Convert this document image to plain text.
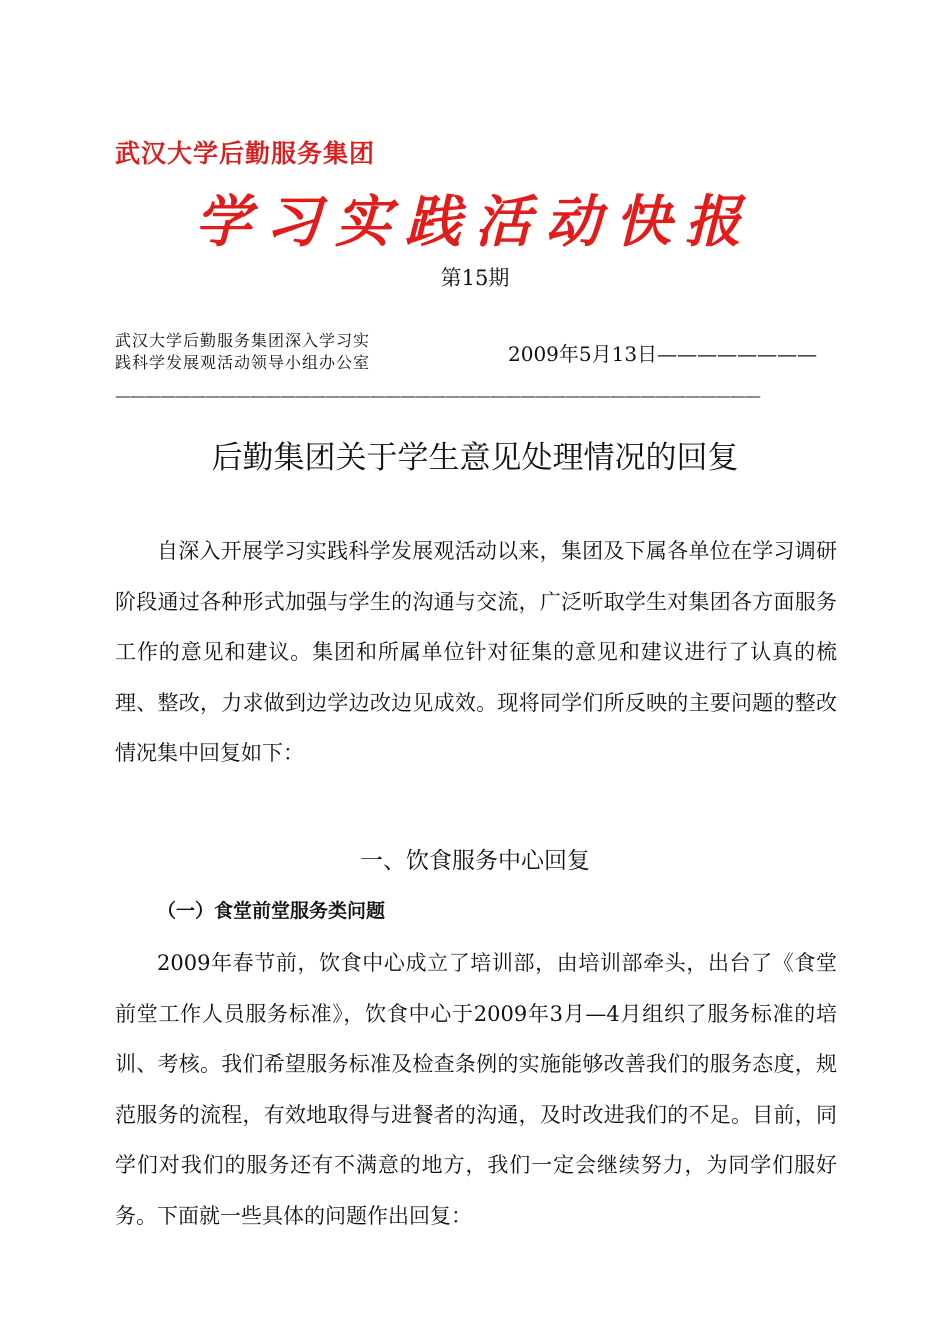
武汉大学后勤服务集团
学习实践活动快报
第15期
武汉大学后勤服务集团深入学习实践科学发展观活动领导小组办公室	2009年5月13日————————
———————————————————————————————————————————
后勤集团关于学生意见处理情况的回复

自深入开展学习实践科学发展观活动以来，集团及下属各单位在学习调研阶段通过各种形式加强与学生的沟通与交流，广泛听取学生对集团各方面服务工作的意见和建议。集团和所属单位针对征集的意见和建议进行了认真的梳理、整改，力求做到边学边改边见成效。现将同学们所反映的主要问题的整改情况集中回复如下：

一、饮食服务中心回复
（一）食堂前堂服务类问题

2009年春节前，饮食中心成立了培训部，由培训部牵头，出台了《食堂前堂工作人员服务标准》，饮食中心于2009年3月—4月组织了服务标准的培训、考核。我们希望服务标准及检查条例的实施能够改善我们的服务态度，规范服务的流程，有效地取得与进餐者的沟通，及时改进我们的不足。目前，同学们对我们的服务还有不满意的地方，我们一定会继续努力，为同学们服好务。下面就一些具体的问题作出回复：
